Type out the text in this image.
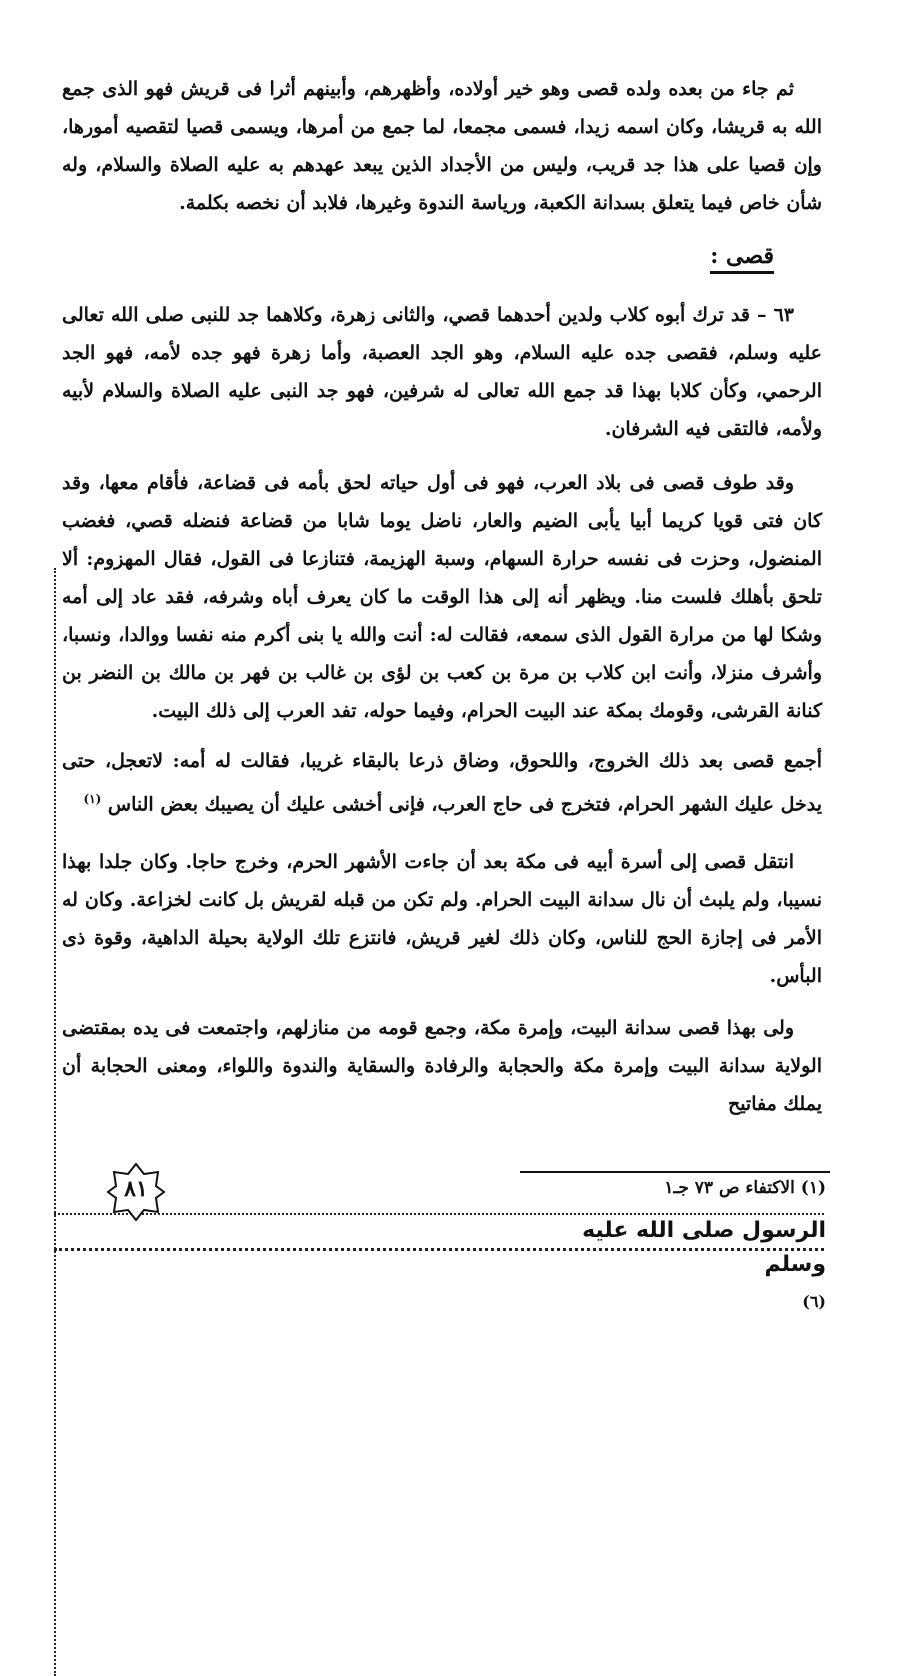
ثم جاء من بعده ولده قصى وهو خير أولاده، وأظهرهم، وأبينهم أثرا فى قريش فهو الذى جمع الله به قريشا، وكان اسمه زيدا، فسمى مجمعا، لما جمع من أمرها، ويسمى قصيا لتقصيه أمورها، وإن قصيا على هذا جد قريب، وليس من الأجداد الذين يبعد عهدهم به عليه الصلاة والسلام، وله شأن خاص فيما يتعلق بسدانة الكعبة، ورياسة الندوة وغيرها، فلابد أن نخصه بكلمة.

قصى :

٦٣ – قد ترك أبوه كلاب ولدين أحدهما قصي، والثانى زهرة، وكلاهما جد للنبى صلى الله تعالى عليه وسلم، فقصى جده عليه السلام، وهو الجد العصبة، وأما زهرة فهو جده لأمه، فهو الجد الرحمي، وكأن كلابا بهذا قد جمع الله تعالى له شرفين، فهو جد النبى عليه الصلاة والسلام لأبيه ولأمه، فالتقى فيه الشرفان.

وقد طوف قصى فى بلاد العرب، فهو فى أول حياته لحق بأمه فى قضاعة، فأقام معها، وقد كان فتى قويا كريما أبيا يأبى الضيم والعار، ناضل يوما شابا من قضاعة فنضله قصي، فغضب المنضول، وحزت فى نفسه حرارة السهام، وسبة الهزيمة، فتنازعا فى القول، فقال المهزوم: ألا تلحق بأهلك فلست منا. ويظهر أنه إلى هذا الوقت ما كان يعرف أباه وشرفه، فقد عاد إلى أمه وشكا لها من مرارة القول الذى سمعه، فقالت له: أنت والله يا بنى أكرم منه نفسا ووالدا، ونسبا، وأشرف منزلا، وأنت ابن كلاب بن مرة بن كعب بن لؤى بن غالب بن فهر بن مالك بن النضر بن كنانة القرشى، وقومك بمكة عند البيت الحرام، وفيما حوله، تفد العرب إلى ذلك البيت.

أجمع قصى بعد ذلك الخروج، واللحوق، وضاق ذرعا بالبقاء غريبا، فقالت له أمه: لاتعجل، حتى يدخل عليك الشهر الحرام، فتخرج فى حاج العرب، فإنى أخشى عليك أن يصيبك بعض الناس $^{(١)}$

انتقل قصى إلى أسرة أبيه فى مكة بعد أن جاءت الأشهر الحرم، وخرج حاجا. وكان جلدا بهذا نسيبا، ولم يلبث أن نال سدانة البيت الحرام. ولم تكن من قبله لقريش بل كانت لخزاعة. وكان له الأمر فى إجازة الحج للناس، وكان ذلك لغير قريش، فانتزع تلك الولاية بحيلة الداهية، وقوة ذى البأس.

ولى بهذا قصى سدانة البيت، وإمرة مكة، وجمع قومه من منازلهم، واجتمعت فى يده بمقتضى الولاية سدانة البيت وإمرة مكة والحجابة والرفادة والسقاية والندوة واللواء، ومعنى الحجابة أن يملك مفاتيح

(١) الاكتفاء ص ٧٣ جـ١
الرسول صلى الله عليه وسلم
٨١
(٦)
